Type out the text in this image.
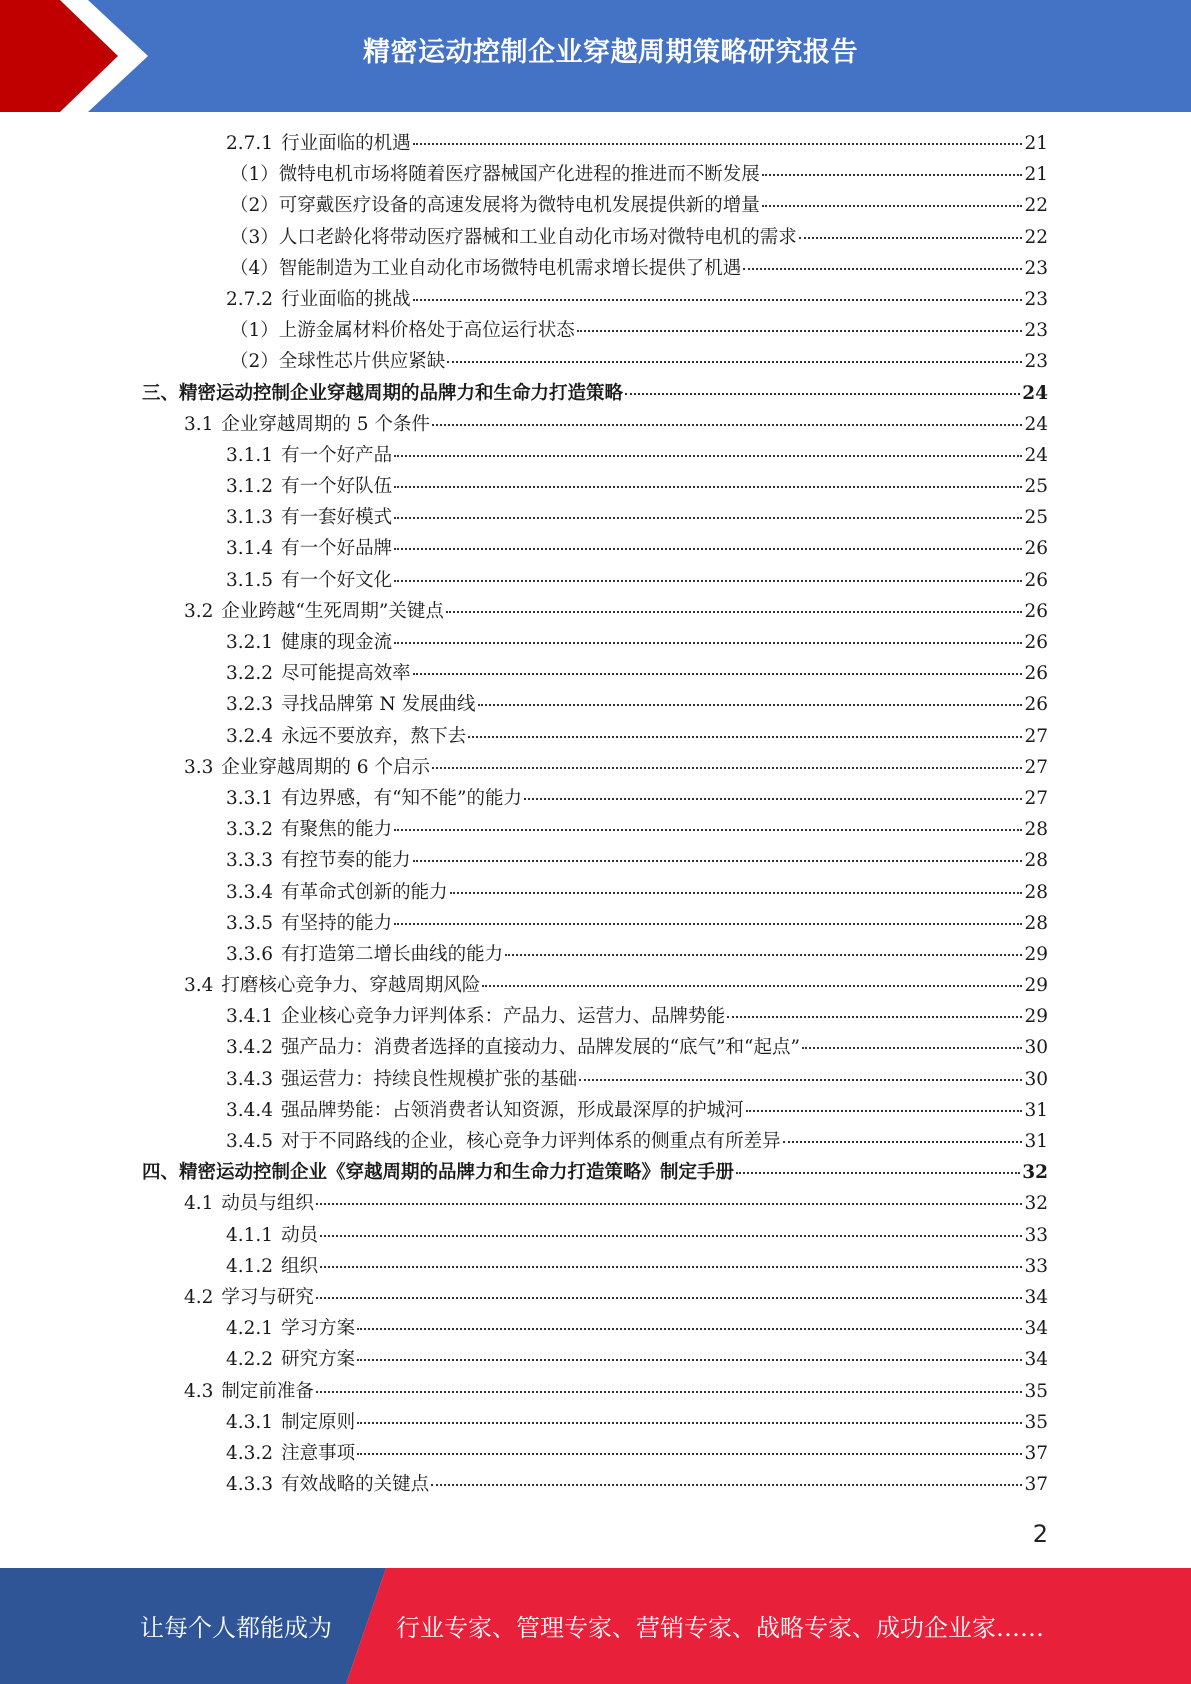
精密运动控制企业穿越周期策略研究报告
2.7.1 行业面临的机遇	21
（1）微特电机市场将随着医疗器械国产化进程的推进而不断发展	21
（2）可穿戴医疗设备的高速发展将为微特电机发展提供新的增量	22
（3）人口老龄化将带动医疗器械和工业自动化市场对微特电机的需求	22
（4）智能制造为工业自动化市场微特电机需求增长提供了机遇	23
2.7.2 行业面临的挑战	23
（1）上游金属材料价格处于高位运行状态	23
（2）全球性芯片供应紧缺	23
三、精密运动控制企业穿越周期的品牌力和生命力打造策略	24
3.1 企业穿越周期的 5 个条件	24
3.1.1 有一个好产品	24
3.1.2 有一个好队伍	25
3.1.3 有一套好模式	25
3.1.4 有一个好品牌	26
3.1.5 有一个好文化	26
3.2 企业跨越“生死周期”关键点	26
3.2.1 健康的现金流	26
3.2.2 尽可能提高效率	26
3.2.3 寻找品牌第 N 发展曲线	26
3.2.4 永远不要放弃，熬下去	27
3.3 企业穿越周期的 6 个启示	27
3.3.1 有边界感，有“知不能”的能力	27
3.3.2 有聚焦的能力	28
3.3.3 有控节奏的能力	28
3.3.4 有革命式创新的能力	28
3.3.5 有坚持的能力	28
3.3.6 有打造第二增长曲线的能力	29
3.4 打磨核心竞争力、穿越周期风险	29
3.4.1 企业核心竞争力评判体系：产品力、运营力、品牌势能	29
3.4.2 强产品力：消费者选择的直接动力、品牌发展的“底气”和“起点”	30
3.4.3 强运营力：持续良性规模扩张的基础	30
3.4.4 强品牌势能：占领消费者认知资源，形成最深厚的护城河	31
3.4.5 对于不同路线的企业，核心竞争力评判体系的侧重点有所差异	31
四、精密运动控制企业《穿越周期的品牌力和生命力打造策略》制定手册	32
4.1 动员与组织	32
4.1.1 动员	33
4.1.2 组织	33
4.2 学习与研究	34
4.2.1 学习方案	34
4.2.2 研究方案	34
4.3 制定前准备	35
4.3.1 制定原则	35
4.3.2 注意事项	37
4.3.3 有效战略的关键点	37
2
让每个人都能成为	行业专家、管理专家、营销专家、战略专家、成功企业家……
